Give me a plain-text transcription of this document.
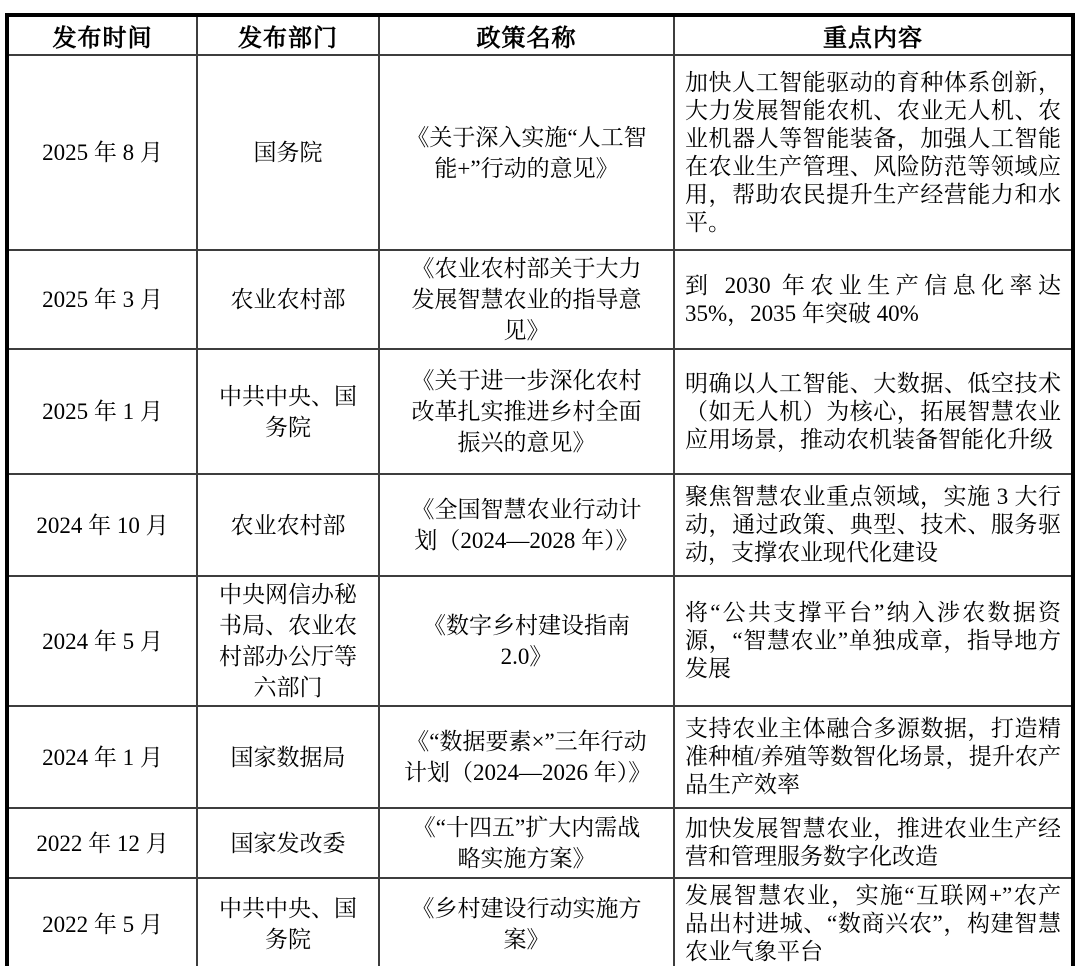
发布时间	发布部门	政策名称	重点内容
2025 年 8 月	国务院	《关于深入实施“人工智能+”行动的意见》	加快人工智能驱动的育种体系创新，大力发展智能农机、农业无人机、农业机器人等智能装备，加强人工智能在农业生产管理、风险防范等领域应用，帮助农民提升生产经营能力和水平。
2025 年 3 月	农业农村部	《农业农村部关于大力发展智慧农业的指导意见》	到 2030 年农业生产信息化率达 35%，2035 年突破 40%
2025 年 1 月	中共中央、国务院	《关于进一步深化农村改革扎实推进乡村全面振兴的意见》	明确以人工智能、大数据、低空技术（如无人机）为核心，拓展智慧农业应用场景，推动农机装备智能化升级
2024 年 10 月	农业农村部	《全国智慧农业行动计划（2024—2028 年）》	聚焦智慧农业重点领域，实施 3 大行动，通过政策、典型、技术、服务驱动，支撑农业现代化建设
2024 年 5 月	中央网信办秘书局、农业农村部办公厅等六部门	《数字乡村建设指南 2.0》	将“公共支撑平台”纳入涉农数据资源，“智慧农业”单独成章，指导地方发展
2024 年 1 月	国家数据局	《“数据要素×”三年行动计划（2024—2026 年）》	支持农业主体融合多源数据，打造精准种植/养殖等数智化场景，提升农产品生产效率
2022 年 12 月	国家发改委	《“十四五”扩大内需战略实施方案》	加快发展智慧农业，推进农业生产经营和管理服务数字化改造
2022 年 5 月	中共中央、国务院	《乡村建设行动实施方案》	发展智慧农业，实施“互联网+”农产品出村进城、“数商兴农”，构建智慧农业气象平台
